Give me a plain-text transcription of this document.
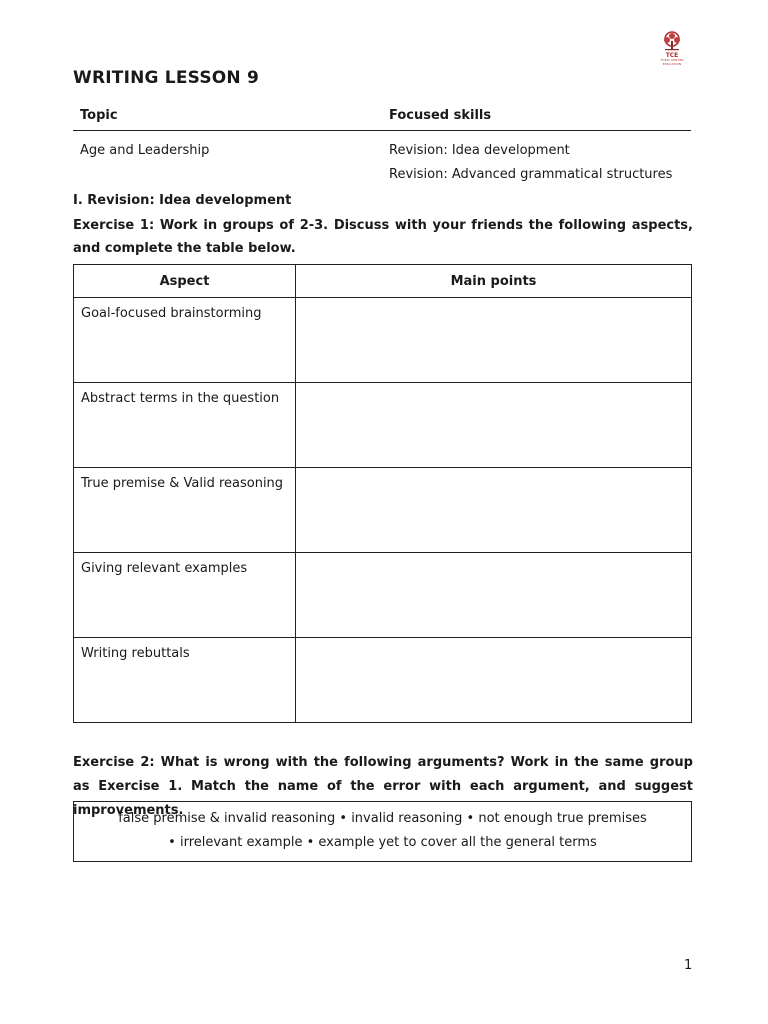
TCE
TOEIC CENTER EDUCATION
WRITING LESSON 9
Topic	Focused skills
Age and Leadership	Revision: Idea development
Revision: Advanced grammatical structures
I. Revision: Idea development
Exercise 1: Work in groups of 2-3. Discuss with your friends the following aspects, and complete the table below.
Aspect	Main points
Goal-focused brainstorming	
Abstract terms in the question	
True premise & Valid reasoning	
Giving relevant examples	
Writing rebuttals	
Exercise 2: What is wrong with the following arguments? Work in the same group as Exercise 1. Match the name of the error with each argument, and suggest improvements.
false premise & invalid reasoning • invalid reasoning • not enough true premises
• irrelevant example • example yet to cover all the general terms
1
